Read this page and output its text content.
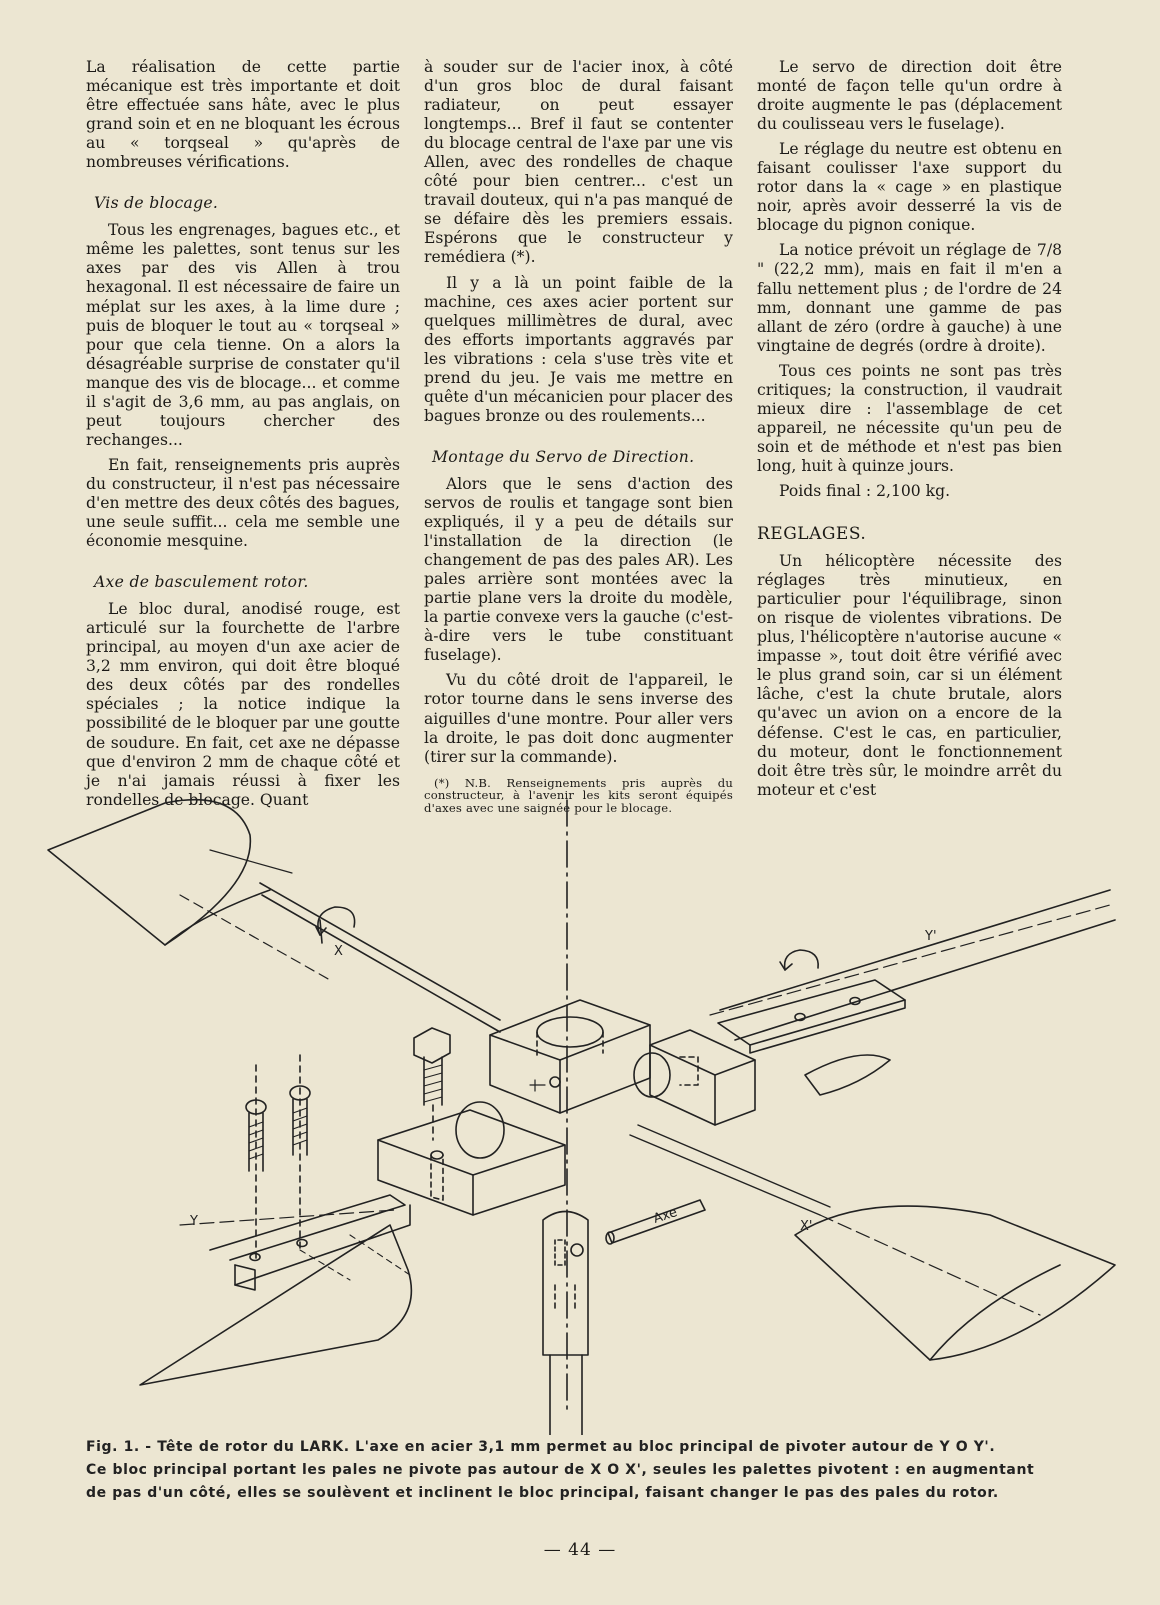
La réalisation de cette partie mécanique est très importante et doit être effectuée sans hâte, avec le plus grand soin et en ne bloquant les écrous au « torqseal » qu'après de nombreuses vérifications.

Vis de blocage.

Tous les engrenages, bagues etc., et même les palettes, sont tenus sur les axes par des vis Allen à trou hexagonal. Il est nécessaire de faire un méplat sur les axes, à la lime dure ; puis de bloquer le tout au « torqseal » pour que cela tienne. On a alors la désagréable surprise de constater qu'il manque des vis de blocage... et comme il s'agit de 3,6 mm, au pas anglais, on peut toujours chercher des rechanges...

En fait, renseignements pris auprès du constructeur, il n'est pas nécessaire d'en mettre des deux côtés des bagues, une seule suffit... cela me semble une économie mesquine.

Axe de basculement rotor.

Le bloc dural, anodisé rouge, est articulé sur la fourchette de l'arbre principal, au moyen d'un axe acier de 3,2 mm environ, qui doit être bloqué des deux côtés par des rondelles spéciales ; la notice indique la possibilité de le bloquer par une goutte de soudure. En fait, cet axe ne dépasse que d'environ 2 mm de chaque côté et je n'ai jamais réussi à fixer les rondelles de blocage. Quant

à souder sur de l'acier inox, à côté d'un gros bloc de dural faisant radiateur, on peut essayer longtemps... Bref il faut se contenter du blocage central de l'axe par une vis Allen, avec des rondelles de chaque côté pour bien centrer... c'est un travail douteux, qui n'a pas manqué de se défaire dès les premiers essais. Espérons que le constructeur y remédiera (*).

Il y a là un point faible de la machine, ces axes acier portent sur quelques millimètres de dural, avec des efforts importants aggravés par les vibrations : cela s'use très vite et prend du jeu. Je vais me mettre en quête d'un mécanicien pour placer des bagues bronze ou des roulements...

Montage du Servo de Direction.

Alors que le sens d'action des servos de roulis et tangage sont bien expliqués, il y a peu de détails sur l'installation de la direction (le changement de pas des pales AR). Les pales arrière sont montées avec la partie plane vers la droite du modèle, la partie convexe vers la gauche (c'est-à-dire vers le tube constituant fuselage).

Vu du côté droit de l'appareil, le rotor tourne dans le sens inverse des aiguilles d'une montre. Pour aller vers la droite, le pas doit donc augmenter (tirer sur la commande).

(*) N.B. Renseignements pris auprès du constructeur, à l'avenir les kits seront équipés d'axes avec une saignée pour le blocage.

Le servo de direction doit être monté de façon telle qu'un ordre à droite augmente le pas (déplacement du coulisseau vers le fuselage).

Le réglage du neutre est obtenu en faisant coulisser l'axe support du rotor dans la « cage » en plastique noir, après avoir desserré la vis de blocage du pignon conique.

La notice prévoit un réglage de 7/8 " (22,2 mm), mais en fait il m'en a fallu nettement plus ; de l'ordre de 24 mm, donnant une gamme de pas allant de zéro (ordre à gauche) à une vingtaine de degrés (ordre à droite).

Tous ces points ne sont pas très critiques; la construction, il vaudrait mieux dire : l'assemblage de cet appareil, ne nécessite qu'un peu de soin et de méthode et n'est pas bien long, huit à quinze jours.

Poids final : 2,100 kg.

REGLAGES.

Un hélicoptère nécessite des réglages très minutieux, en particulier pour l'équilibrage, sinon on risque de violentes vibrations. De plus, l'hélicoptère n'autorise aucune « impasse », tout doit être vérifié avec le plus grand soin, car si un élément lâche, c'est la chute brutale, alors qu'avec un avion on a encore de la défense. C'est le cas, en particulier, du moteur, dont le fonctionnement doit être très sûr, le moindre arrêt du moteur et c'est

X
Y'
Y	X'
Axe
Fig. 1. - Tête de rotor du LARK. L'axe en acier 3,1 mm permet au bloc principal de pivoter autour de Y O Y'.
Ce bloc principal portant les pales ne pivote pas autour de X O X', seules les palettes pivotent : en augmentant
de pas d'un côté, elles se soulèvent et inclinent le bloc principal, faisant changer le pas des pales du rotor.
— 44 —
